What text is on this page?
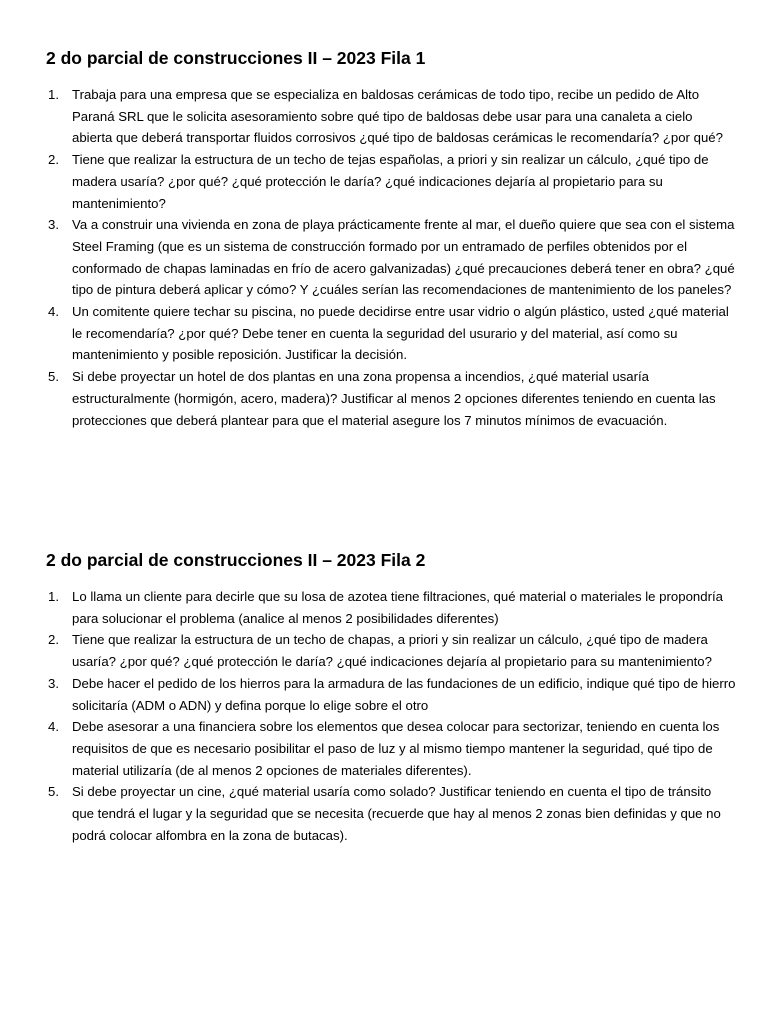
2 do parcial de construcciones II – 2023 Fila 1
1. Trabaja para una empresa que se especializa en baldosas cerámicas de todo tipo, recibe un pedido de Alto Paraná SRL que le solicita asesoramiento sobre qué tipo de baldosas debe usar para una canaleta a cielo abierta que deberá transportar fluidos corrosivos ¿qué tipo de baldosas cerámicas le recomendaría? ¿por qué?
2. Tiene que realizar la estructura de un techo de tejas españolas, a priori y sin realizar un cálculo, ¿qué tipo de madera usaría? ¿por qué? ¿qué protección le daría? ¿qué indicaciones dejaría al propietario para su mantenimiento?
3. Va a construir una vivienda en zona de playa prácticamente frente al mar, el dueño quiere que sea con el sistema Steel Framing (que es un sistema de construcción formado por un entramado de perfiles obtenidos por el conformado de chapas laminadas en frío de acero galvanizadas) ¿qué precauciones deberá tener en obra? ¿qué tipo de pintura deberá aplicar y cómo? Y ¿cuáles serían las recomendaciones de mantenimiento de los paneles?
4. Un comitente quiere techar su piscina, no puede decidirse entre usar vidrio o algún plástico, usted ¿qué material le recomendaría? ¿por qué? Debe tener en cuenta la seguridad del usurario y del material, así como su mantenimiento y posible reposición. Justificar la decisión.
5. Si debe proyectar un hotel de dos plantas en una zona propensa a incendios, ¿qué material usaría estructuralmente (hormigón, acero, madera)? Justificar al menos 2 opciones diferentes teniendo en cuenta las protecciones que deberá plantear para que el material asegure los 7 minutos mínimos de evacuación.
2 do parcial de construcciones II – 2023 Fila 2
1. Lo llama un cliente para decirle que su losa de azotea tiene filtraciones, qué material o materiales le propondría para solucionar el problema (analice al menos 2 posibilidades diferentes)
2. Tiene que realizar la estructura de un techo de chapas, a priori y sin realizar un cálculo, ¿qué tipo de madera usaría? ¿por qué? ¿qué protección le daría? ¿qué indicaciones dejaría al propietario para su mantenimiento?
3. Debe hacer el pedido de los hierros para la armadura de las fundaciones de un edificio, indique qué tipo de hierro solicitaría (ADM o ADN) y defina porque lo elige sobre el otro
4. Debe asesorar a una financiera sobre los elementos que desea colocar para sectorizar, teniendo en cuenta los requisitos de que es necesario posibilitar el paso de luz y al mismo tiempo mantener la seguridad, qué tipo de material utilizaría (de al menos 2 opciones de materiales diferentes).
5. Si debe proyectar un cine, ¿qué material usaría como solado? Justificar teniendo en cuenta el tipo de tránsito que tendrá el lugar y la seguridad que se necesita (recuerde que hay al menos 2 zonas bien definidas y que no podrá colocar alfombra en la zona de butacas).
